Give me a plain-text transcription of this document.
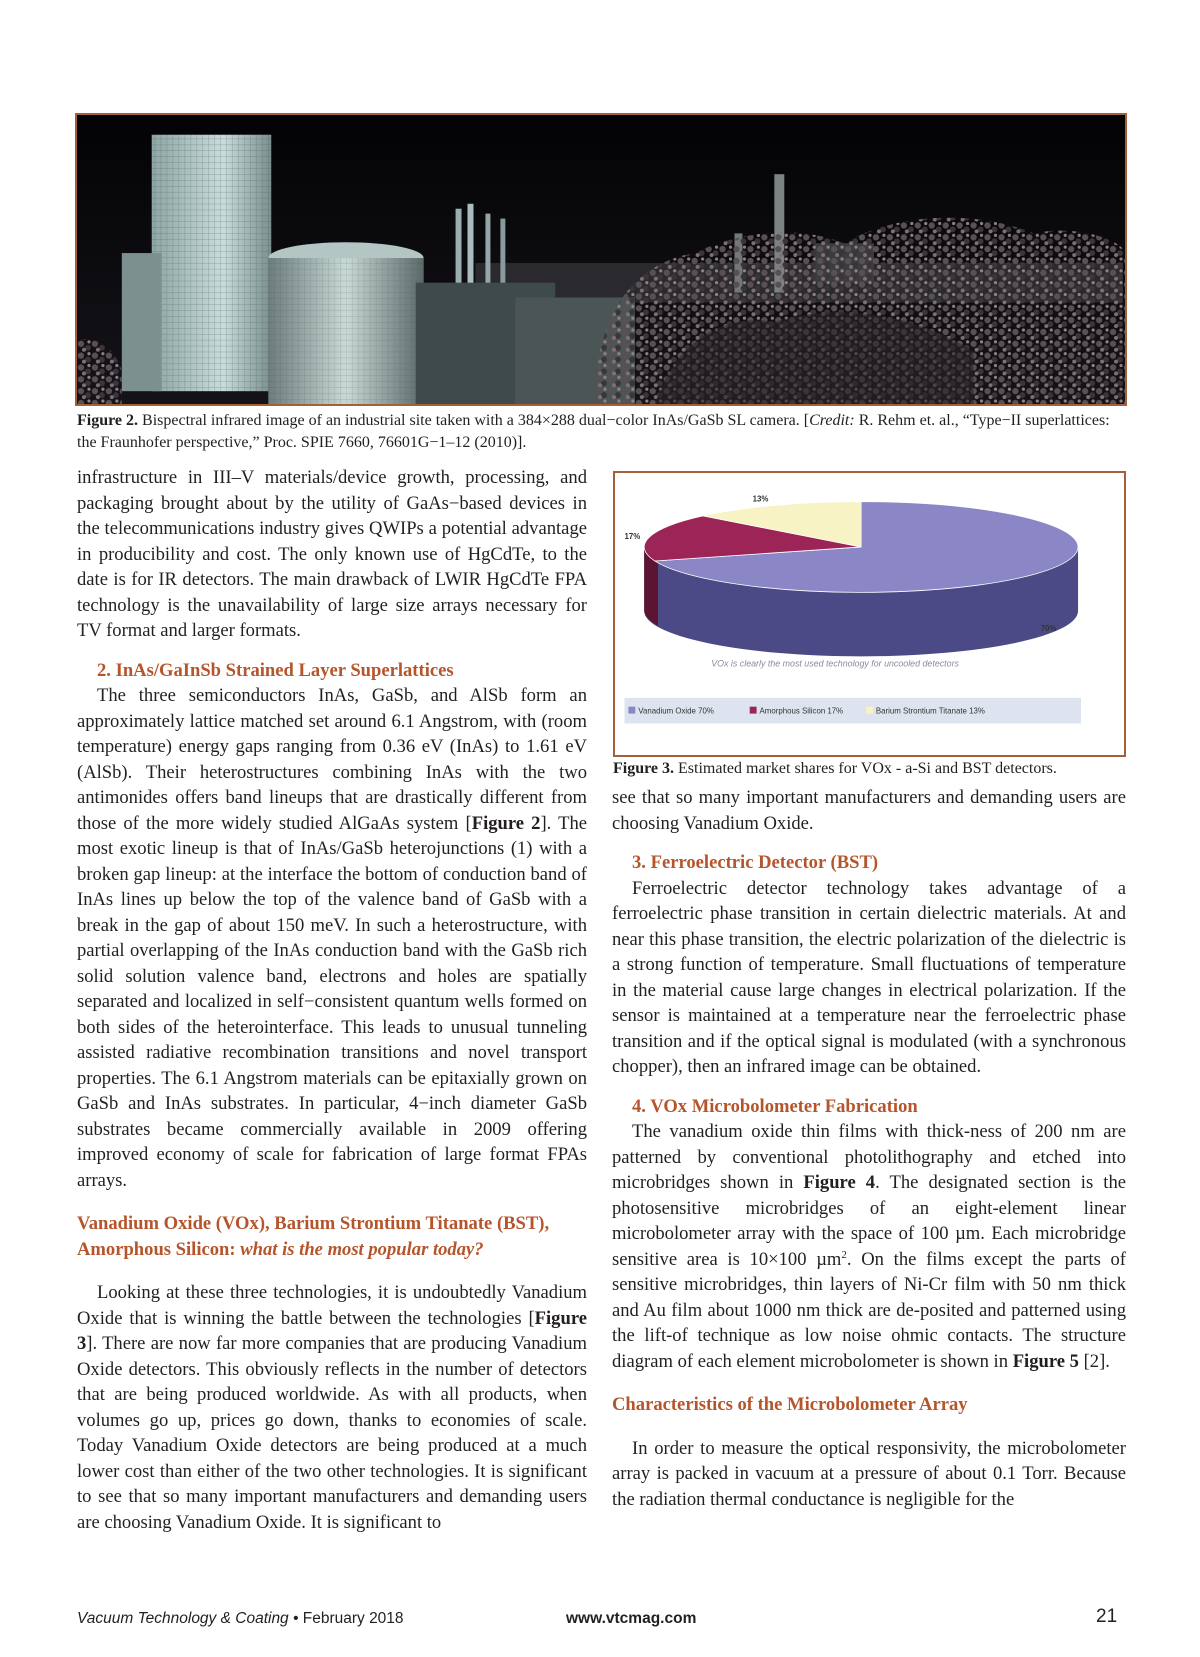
Figure 2. Bispectral infrared image of an industrial site taken with a 384×288 dual−color InAs/GaSb SL camera. [Credit: R. Rehm et. al., “Type−II superlattices: the Fraunhofer perspective,” Proc. SPIE 7660, 76601G−1–12 (2010)].

infrastructure in III–V materials/device growth, processing, and packaging brought about by the utility of GaAs−based devices in the telecommunications industry gives QWIPs a potential advantage in producibility and cost. The only known use of HgCdTe, to the date is for IR detectors. The main drawback of LWIR HgCdTe FPA technology is the unavailability of large size arrays necessary for TV format and larger formats.

2. InAs/GaInSb Strained Layer Superlattices

The three semiconductors InAs, GaSb, and AlSb form an approximately lattice matched set around 6.1 Angstrom, with (room temperature) energy gaps ranging from 0.36 eV (InAs) to 1.61 eV (AlSb). Their heterostructures combining InAs with the two antimonides offers band lineups that are drastically different from those of the more widely studied AlGaAs system [Figure 2]. The most exotic lineup is that of InAs/GaSb heterojunctions (1) with a broken gap lineup: at the interface the bottom of conduction band of InAs lines up below the top of the valence band of GaSb with a break in the gap of about 150 meV. In such a heterostructure, with partial overlapping of the InAs conduction band with the GaSb rich solid solution valence band, electrons and holes are spatially separated and localized in self−consistent quantum wells formed on both sides of the heterointerface. This leads to unusual tunneling assisted radiative recombination transitions and novel transport properties. The 6.1 Angstrom materials can be epitaxially grown on GaSb and InAs substrates. In particular, 4−inch diameter GaSb substrates became commercially available in 2009 offering improved economy of scale for fabrication of large format FPAs arrays.

Vanadium Oxide (VOx), Barium Strontium Titanate (BST), Amorphous Silicon: what is the most popular today?

Looking at these three technologies, it is undoubtedly Vanadium Oxide that is winning the battle between the technologies [Figure 3]. There are now far more companies that are producing Vanadium Oxide detectors. This obviously reflects in the number of detectors that are being produced worldwide. As with all products, when volumes go up, prices go down, thanks to economies of scale. Today Vanadium Oxide detectors are being produced at a much lower cost than either of the two other technologies. It is significant to see that so many important manufacturers and demanding users are choosing Vanadium Oxide. It is significant to

13%
17%
70%
VOx is clearly the most used technology for uncooled detectors
Vanadium Oxide 70%	Amorphous Silicon 17%	Barium Strontium Titanate 13%
Figure 3. Estimated market shares for VOx - a-Si and BST detectors.

see that so many important manufacturers and demanding users are choosing Vanadium Oxide.

3. Ferroelectric Detector (BST)

Ferroelectric detector technology takes advantage of a ferroelectric phase transition in certain dielectric materials. At and near this phase transition, the electric polarization of the dielectric is a strong function of temperature. Small fluctuations of temperature in the material cause large changes in electrical polarization. If the sensor is maintained at a temperature near the ferroelectric phase transition and if the optical signal is modulated (with a synchronous chopper), then an infrared image can be obtained.

4. VOx Microbolometer Fabrication

The vanadium oxide thin films with thick-ness of 200 nm are patterned by conventional photolithography and etched into microbridges shown in Figure 4. The designated section is the photosensitive microbridges of an eight-element linear microbolometer array with the space of 100 µm. Each microbridge sensitive area is 10×100 µm$^2$. On the films except the parts of sensitive microbridges, thin layers of Ni-Cr film with 50 nm thick and Au film about 1000 nm thick are de-posited and patterned using the lift-of technique as low noise ohmic contacts. The structure diagram of each element microbolometer is shown in Figure 5 [2].

Characteristics of the Microbolometer Array

In order to measure the optical responsivity, the microbolometer array is packed in vacuum at a pressure of about 0.1 Torr. Because the radiation thermal conductance is negligible for the

Vacuum Technology & Coating • February 2018	www.vtcmag.com	21
